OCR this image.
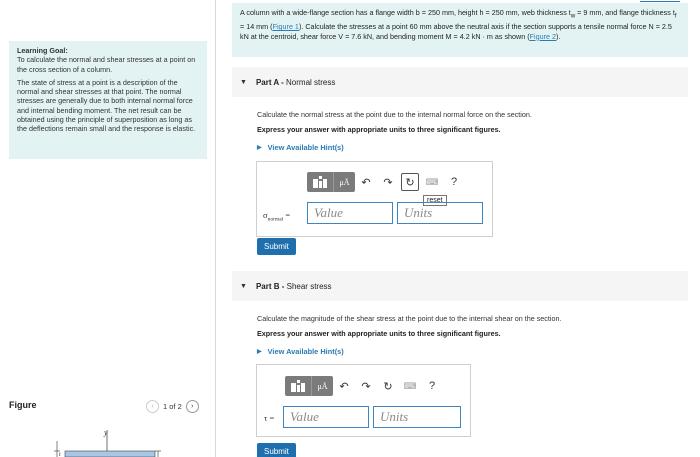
Learning Goal:

To calculate the normal and shear stresses at a point on the cross section of a column.

The state of stress at a point is a description of the normal and shear stresses at that point. The normal stresses are generally due to both internal normal force and internal bending moment. The net result can be obtained using the principle of superposition as long as the deflections remain small and the response is elastic.

Figure	‹	1 of 2	›
y
t
A column with a wide-flange section has a flange width b = 250 mm, height h = 250 mm, web thickness $t_w = 9$ mm, and flange thickness $t_f = 14$ mm (Figure 1). Calculate the stresses at a point 60 mm above the neutral axis if the section supports a tensile normal force N = 2.5 kN at the centroid, shear force V = 7.6 kN, and bending moment M = 4.2 kN · m as shown (Figure 2).
▼ Part A -
Normal stress
Calculate the normal stress at the point due to the internal normal force on the section.
Express your answer with appropriate units to three significant figures.
▶ View Available Hint(s)
μÅ	↶	↷	↻	⌨	?
reset
$\sigma_{normal}$ =	Value	Units
Submit
▼ Part B -
Shear stress
Calculate the magnitude of the shear stress at the point due to the internal shear on the section.
Express your answer with appropriate units to three significant figures.
▶ View Available Hint(s)
μÅ	↶	↷	↻	⌨	?
τ =	Value	Units
Submit
